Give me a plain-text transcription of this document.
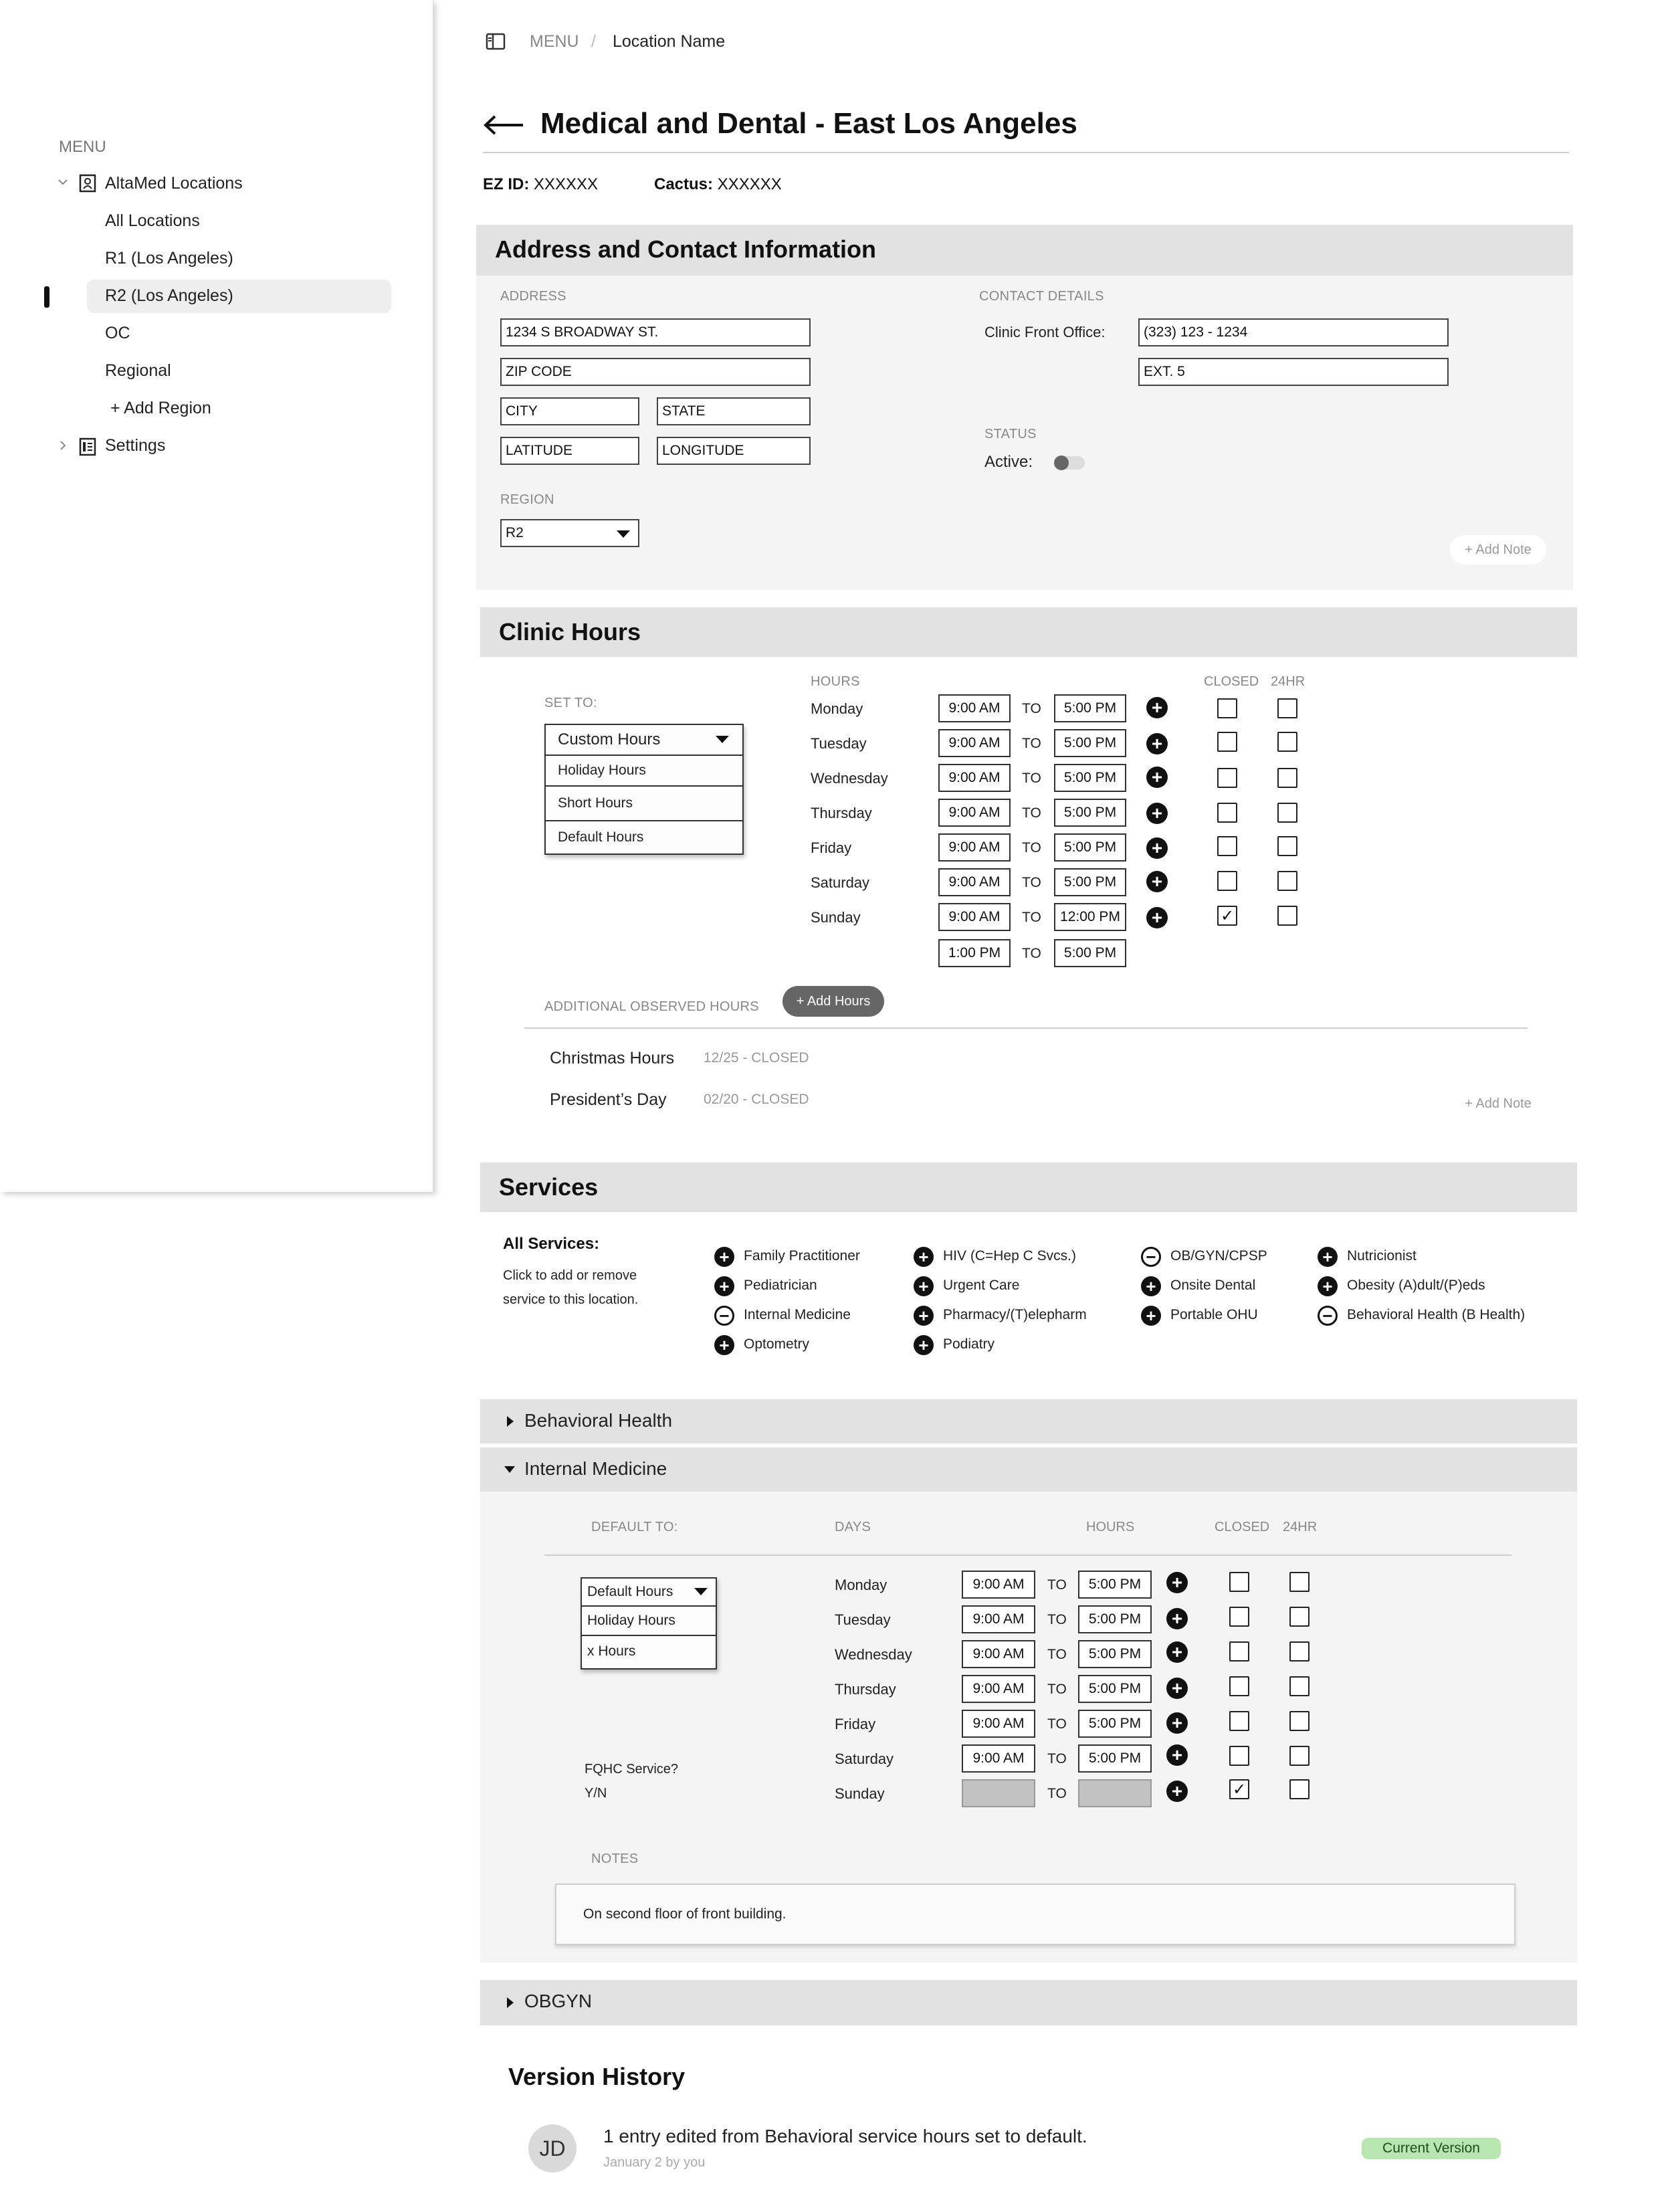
MENU
AltaMed Locations
All Locations
R1 (Los Angeles)
R2 (Los Angeles)
OC
Regional
+ Add Region
Settings
MENU / Location Name
Medical and Dental - East Los Angeles
EZ ID: XXXXXX	Cactus: XXXXXX
Address and Contact Information
ADDRESS
1234 S BROADWAY ST.
ZIP CODE
CITY	STATE
LATITUDE	LONGITUDE
REGION
R2
CONTACT DETAILS
Clinic Front Office:	(323) 123 - 1234
EXT. 5
STATUS
Active:
+ Add Note
Clinic Hours
SET TO:
Custom Hours
Holiday Hours
Short Hours
Default Hours
HOURS	CLOSED 24HR
Monday	9:00 AM	TO	5:00 PM	+
Tuesday	9:00 AM	TO	5:00 PM	+
Wednesday	9:00 AM	TO	5:00 PM	+
Thursday	9:00 AM	TO	5:00 PM	+
Friday	9:00 AM	TO	5:00 PM	+
Saturday	9:00 AM	TO	5:00 PM	+
Sunday	9:00 AM	TO	12:00 PM	+	✓
1:00 PM	TO	5:00 PM
ADDITIONAL OBSERVED HOURS	+ Add Hours
Christmas Hours 12/25 - CLOSED
President’s Day	02/20 - CLOSED	+ Add Note
Services
All Services:
Click to add or remove
service to this location.
+	Family Practitioner
+	Pediatrician
−	Internal Medicine
+	Optometry
+	HIV (C=Hep C Svcs.)
+	Urgent Care
+	Pharmacy/(T)elepharm
+	Podiatry
−	OB/GYN/CPSP
+	Onsite Dental
+	Portable OHU
+	Nutricionist
+	Obesity (A)dult/(P)eds
−	Behavioral Health (B Health)
Behavioral Health
Internal Medicine
DEFAULT TO:	DAYS	HOURS	CLOSED 24HR
Default Hours
Holiday Hours
x Hours
FQHC Service?
Y/N
Monday	9:00 AM	TO	5:00 PM	+
Tuesday	9:00 AM	TO	5:00 PM	+
Wednesday	9:00 AM	TO	5:00 PM	+
Thursday	9:00 AM	TO	5:00 PM	+
Friday	9:00 AM	TO	5:00 PM	+
Saturday	9:00 AM	TO	5:00 PM	+
Sunday	TO	+	✓
NOTES
On second floor of front building.
OBGYN
Version History
JD	1 entry edited from Behavioral service hours set to default.
January 2 by you
Current Version
